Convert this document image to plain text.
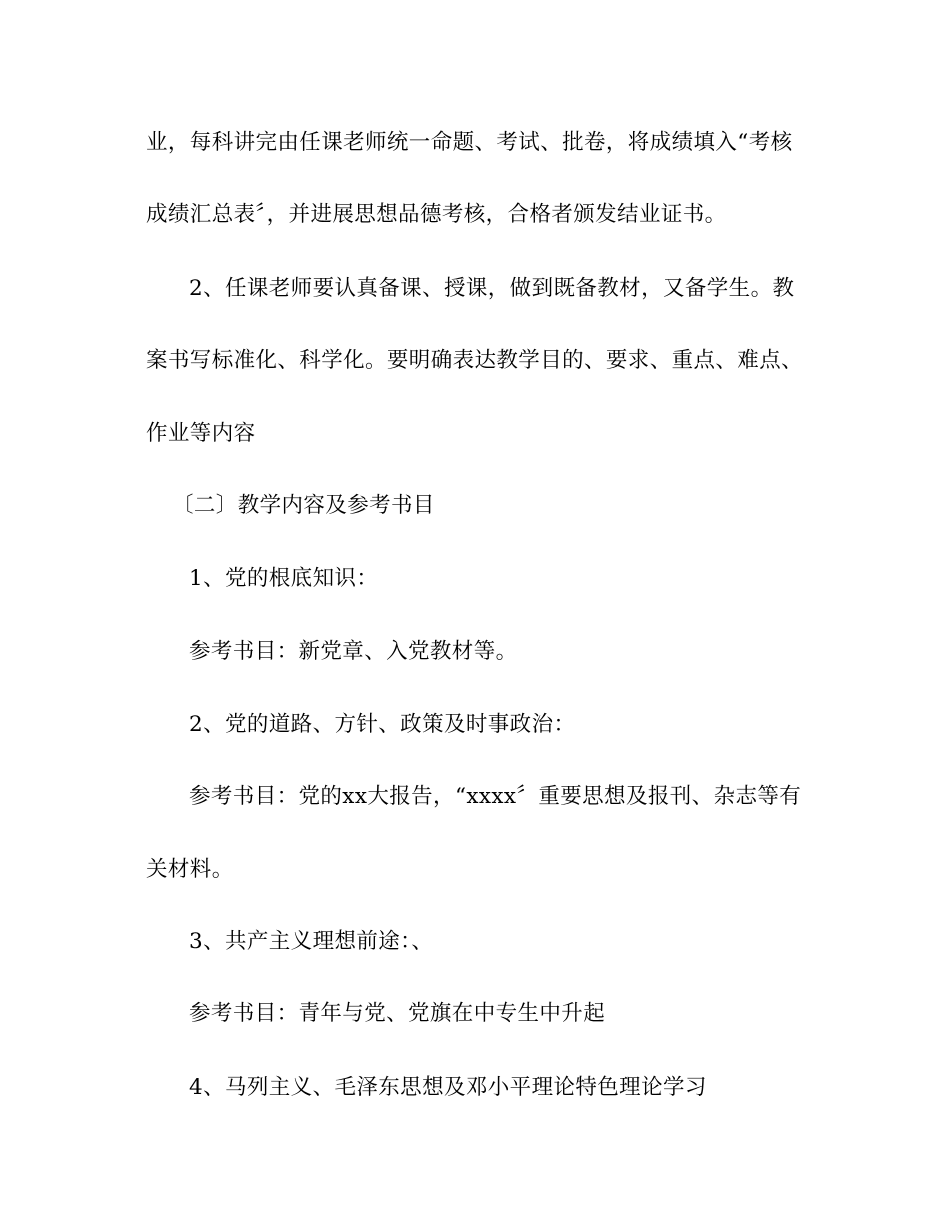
业，每科讲完由任课老师统一命题、考试、批卷，将成绩填入“考核
成绩汇总表〞，并进展思想品德考核，合格者颁发结业证书。
2、任课老师要认真备课、授课，做到既备教材，又备学生。教
案书写标准化、科学化。要明确表达教学目的、要求、重点、难点、
作业等内容
〔二〕教学内容及参考书目
1、党的根底知识：
参考书目：新党章、入党教材等。
2、党的道路、方针、政策及时事政治：
参考书目：党的xx大报告，“xxxx〞重要思想及报刊、杂志等有
关材料。
3、共产主义理想前途：、
参考书目：青年与党、党旗在中专生中升起
4、马列主义、毛泽东思想及邓小平理论特色理论学习
